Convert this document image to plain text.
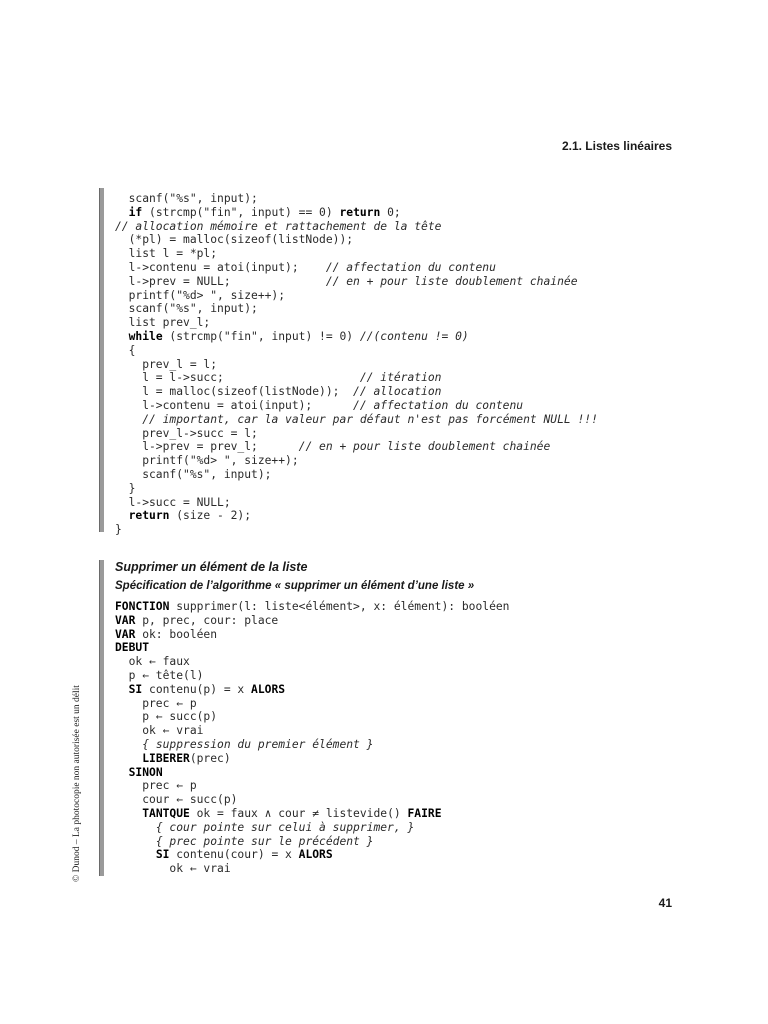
2.1. Listes linéaires
scanf("%s", input);
if (strcmp("fin", input) == 0) return 0;
// allocation mémoire et rattachement de la tête
(*pl) = malloc(sizeof(listNode));
list l = *pl;
l->contenu = atoi(input);    // affectation du contenu
l->prev = NULL;              // en + pour liste doublement chainée
printf("%d> ", size++);
scanf("%s", input);
list prev_l;
while (strcmp("fin", input) != 0) //(contenu != 0)
{
prev_l = l;
l = l->succ;                    // itération
l = malloc(sizeof(listNode));  // allocation
l->contenu = atoi(input);      // affectation du contenu
// important, car la valeur par défaut n'est pas forcément NULL !!!
prev_l->succ = l;
l->prev = prev_l;      // en + pour liste doublement chainée
printf("%d> ", size++);
scanf("%s", input);
}
l->succ = NULL;
return (size - 2);
}
Supprimer un élément de la liste
Spécification de l’algorithme « supprimer un élément d’une liste »
FONCTION supprimer(l: liste<élément>, x: élément): booléen
VAR p, prec, cour: place
VAR ok: booléen
DEBUT
ok ← faux
p ← tête(l)
SI contenu(p) = x ALORS
prec ← p
p ← succ(p)
ok ← vrai
{ suppression du premier élément }
LIBERER(prec)
SINON
prec ← p
cour ← succ(p)
TANTQUE ok = faux ∧ cour ≠ listevide() FAIRE
{ cour pointe sur celui à supprimer, }
{ prec pointe sur le précédent }
SI contenu(cour) = x ALORS
ok ← vrai
© Dunod – La photocopie non autorisée est un délit
41
